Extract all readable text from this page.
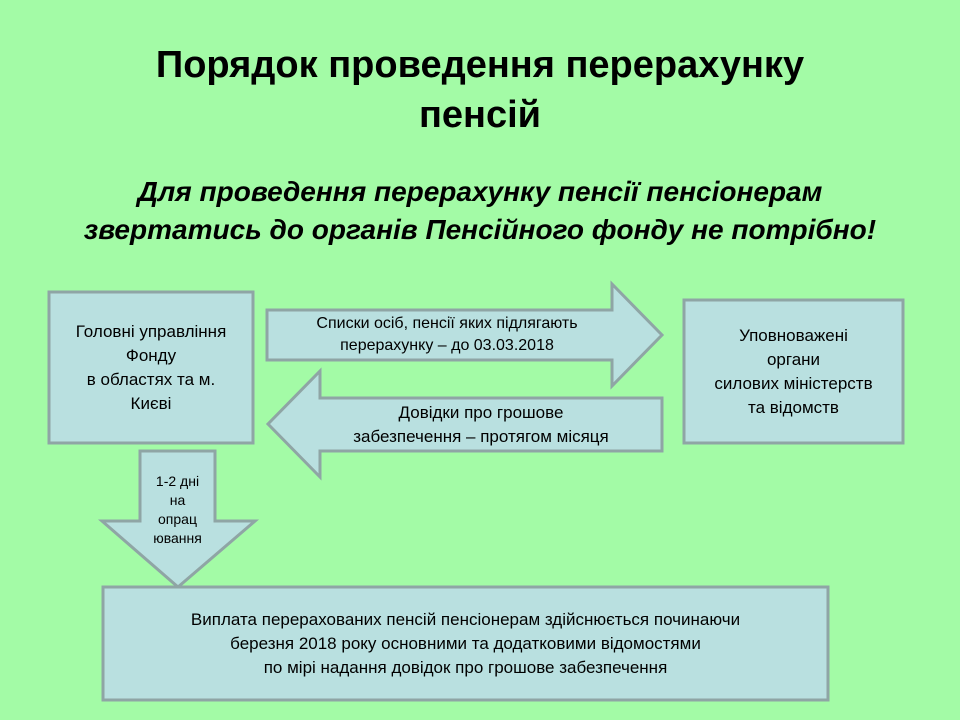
Порядок проведення перерахунку
пенсій
Для проведення перерахунку пенсії пенсіонерам звертатись до органів Пенсійного фонду не потрібно!
Головні управління
Фонду
в областях та м.
Києві
Уповноважені
органи
силових міністерств
та відомств
Списки осіб, пенсії яких підлягають
перерахунку – до 03.03.2018
Довідки про грошове
забезпечення – протягом місяця
1-2 дні
на
опрац
ювання
Виплата перерахованих пенсій пенсіонерам здійснюється починаючи
березня 2018 року основними та додатковими відомостями
по мірі надання довідок про грошове забезпечення
